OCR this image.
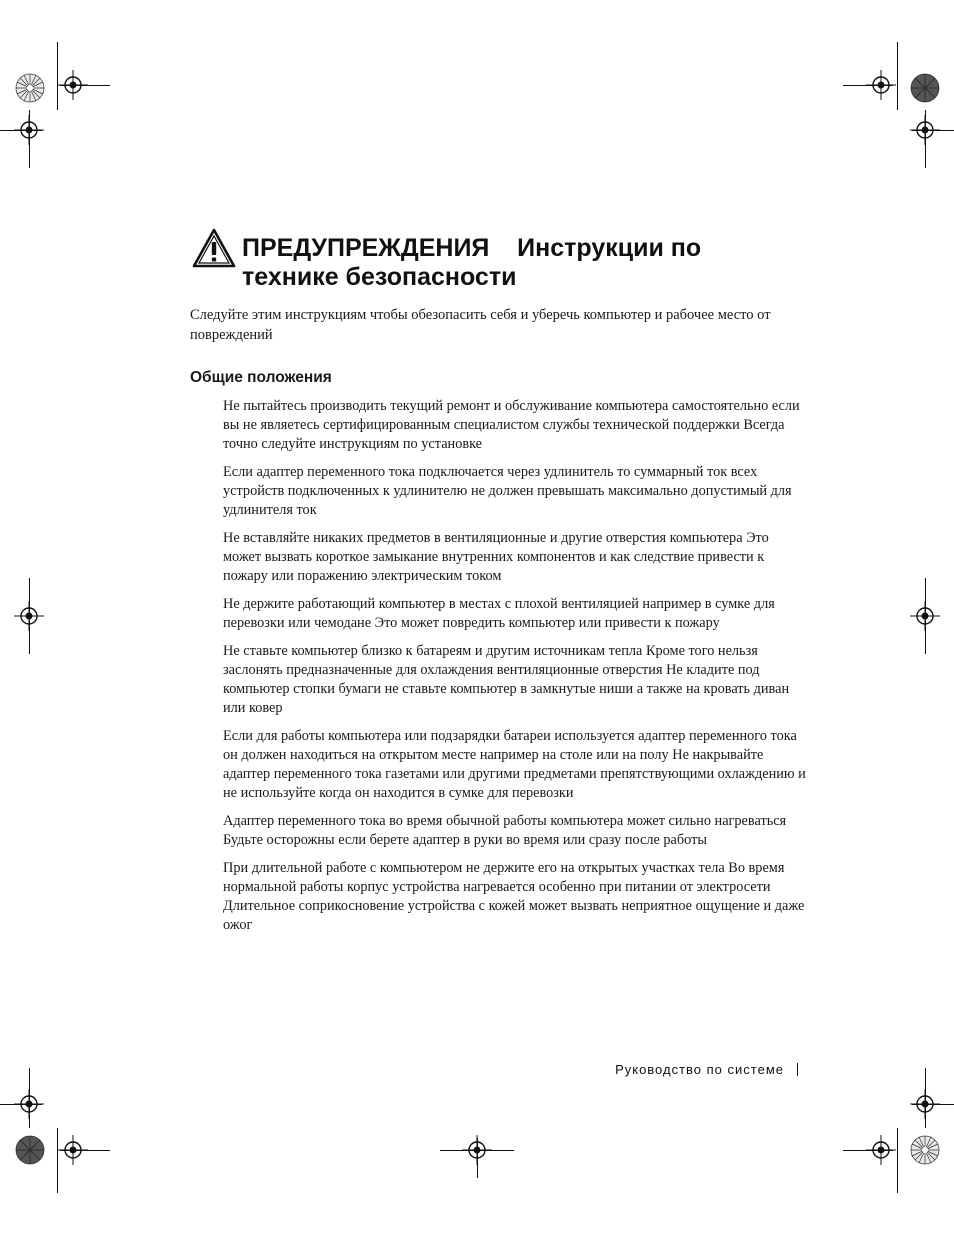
ПРЕДУПРЕЖДЕНИЯ    Инструкции по технике безопасности
Следуйте этим инструкциям чтобы обезопасить себя и уберечь компьютер и рабочее место от повреждений
Общие положения

Не пытайтесь производить текущий ремонт и обслуживание компьютера самостоятельно если вы не являетесь сертифицированным специалистом службы технической поддержки Всегда точно следуйте инструкциям по установке

Если адаптер переменного тока подключается через удлинитель то суммарный ток всех устройств подключенных к удлинителю не должен превышать максимально допустимый для удлинителя ток

Не вставляйте никаких предметов в вентиляционные и другие отверстия компьютера Это может вызвать короткое замыкание внутренних компонентов и как следствие привести к пожару или поражению электрическим током

Не держите работающий компьютер в местах с плохой вентиляцией например в сумке для перевозки или чемодане Это может повредить компьютер или привести к пожару

Не ставьте компьютер близко к батареям и другим источникам тепла Кроме того нельзя заслонять предназначенные для охлаждения вентиляционные отверстия Не кладите под компьютер стопки бумаги не ставьте компьютер в замкнутые ниши а также на кровать диван или ковер

Если для работы компьютера или подзарядки батареи используется адаптер переменного тока он должен находиться на открытом месте например на столе или на полу Не накрывайте адаптер переменного тока газетами или другими предметами препятствующими охлаждению и не используйте когда он находится в сумке для перевозки

Адаптер переменного тока во время обычной работы компьютера может сильно нагреваться Будьте осторожны если берете адаптер в руки во время или сразу после работы

При длительной работе с компьютером не держите его на открытых участках тела Во время нормальной работы корпус устройства нагревается особенно при питании от электросети Длительное соприкосновение устройства с кожей может вызвать неприятное ощущение и даже ожог

Руководство по системе
